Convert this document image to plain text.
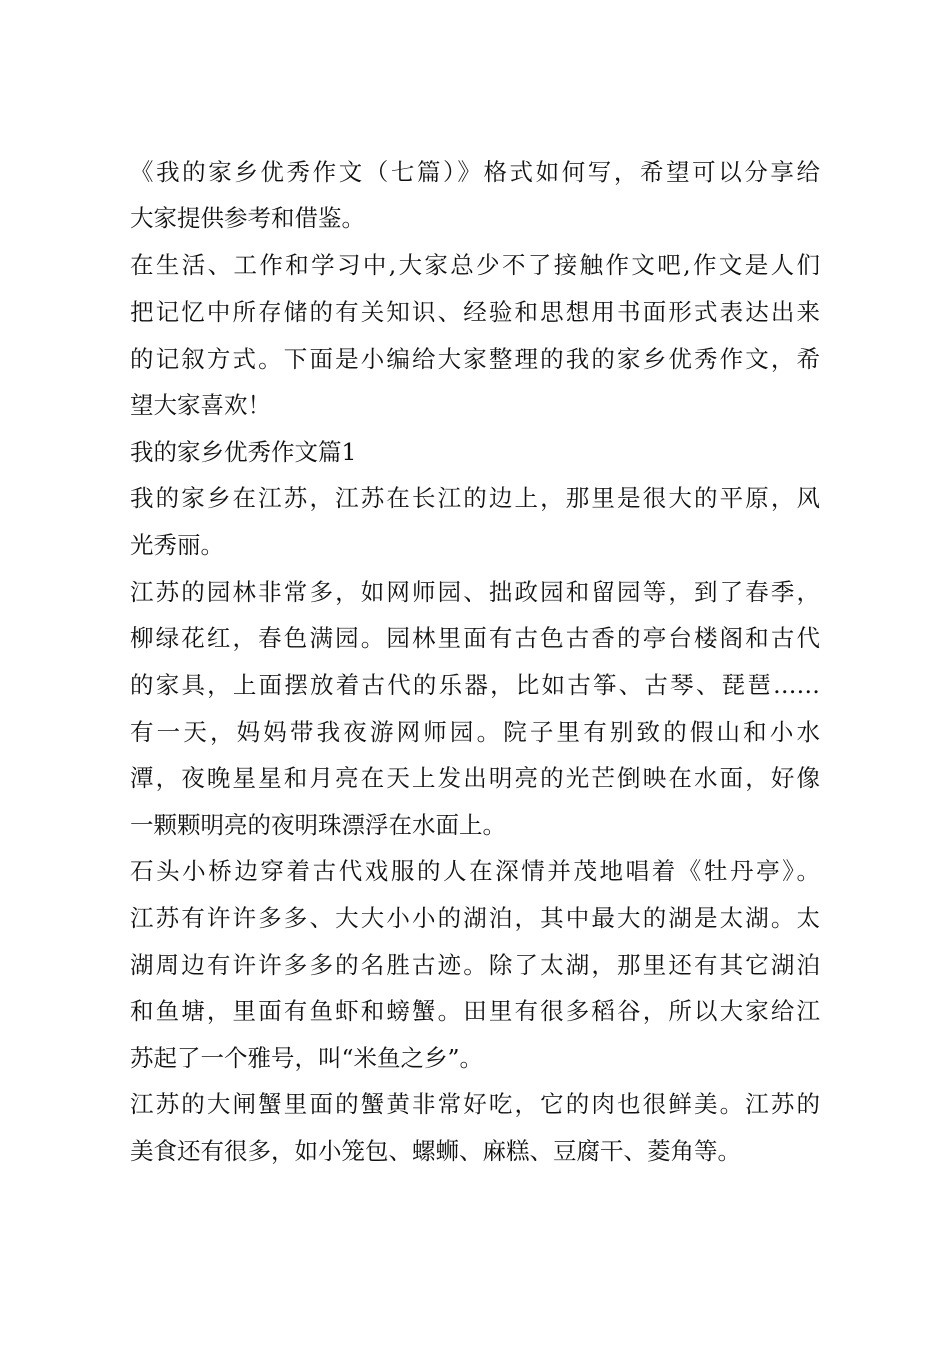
《我的家乡优秀作文（七篇）》格式如何写，希望可以分享给
大家提供参考和借鉴。
在生活、工作和学习中,大家总少不了接触作文吧,作文是人们
把记忆中所存储的有关知识、经验和思想用书面形式表达出来
的记叙方式。下面是小编给大家整理的我的家乡优秀作文，希
望大家喜欢！
我的家乡优秀作文篇1
我的家乡在江苏，江苏在长江的边上，那里是很大的平原，风
光秀丽。
江苏的园林非常多，如网师园、拙政园和留园等，到了春季，
柳绿花红，春色满园。园林里面有古色古香的亭台楼阁和古代
的家具，上面摆放着古代的乐器，比如古筝、古琴、琵琶……
有一天，妈妈带我夜游网师园。院子里有别致的假山和小水
潭，夜晚星星和月亮在天上发出明亮的光芒倒映在水面，好像
一颗颗明亮的夜明珠漂浮在水面上。
石头小桥边穿着古代戏服的人在深情并茂地唱着《牡丹亭》。
江苏有许许多多、大大小小的湖泊，其中最大的湖是太湖。太
湖周边有许许多多的名胜古迹。除了太湖，那里还有其它湖泊
和鱼塘，里面有鱼虾和螃蟹。田里有很多稻谷，所以大家给江
苏起了一个雅号，叫“米鱼之乡”。
江苏的大闸蟹里面的蟹黄非常好吃，它的肉也很鲜美。江苏的
美食还有很多，如小笼包、螺蛳、麻糕、豆腐干、菱角等。
